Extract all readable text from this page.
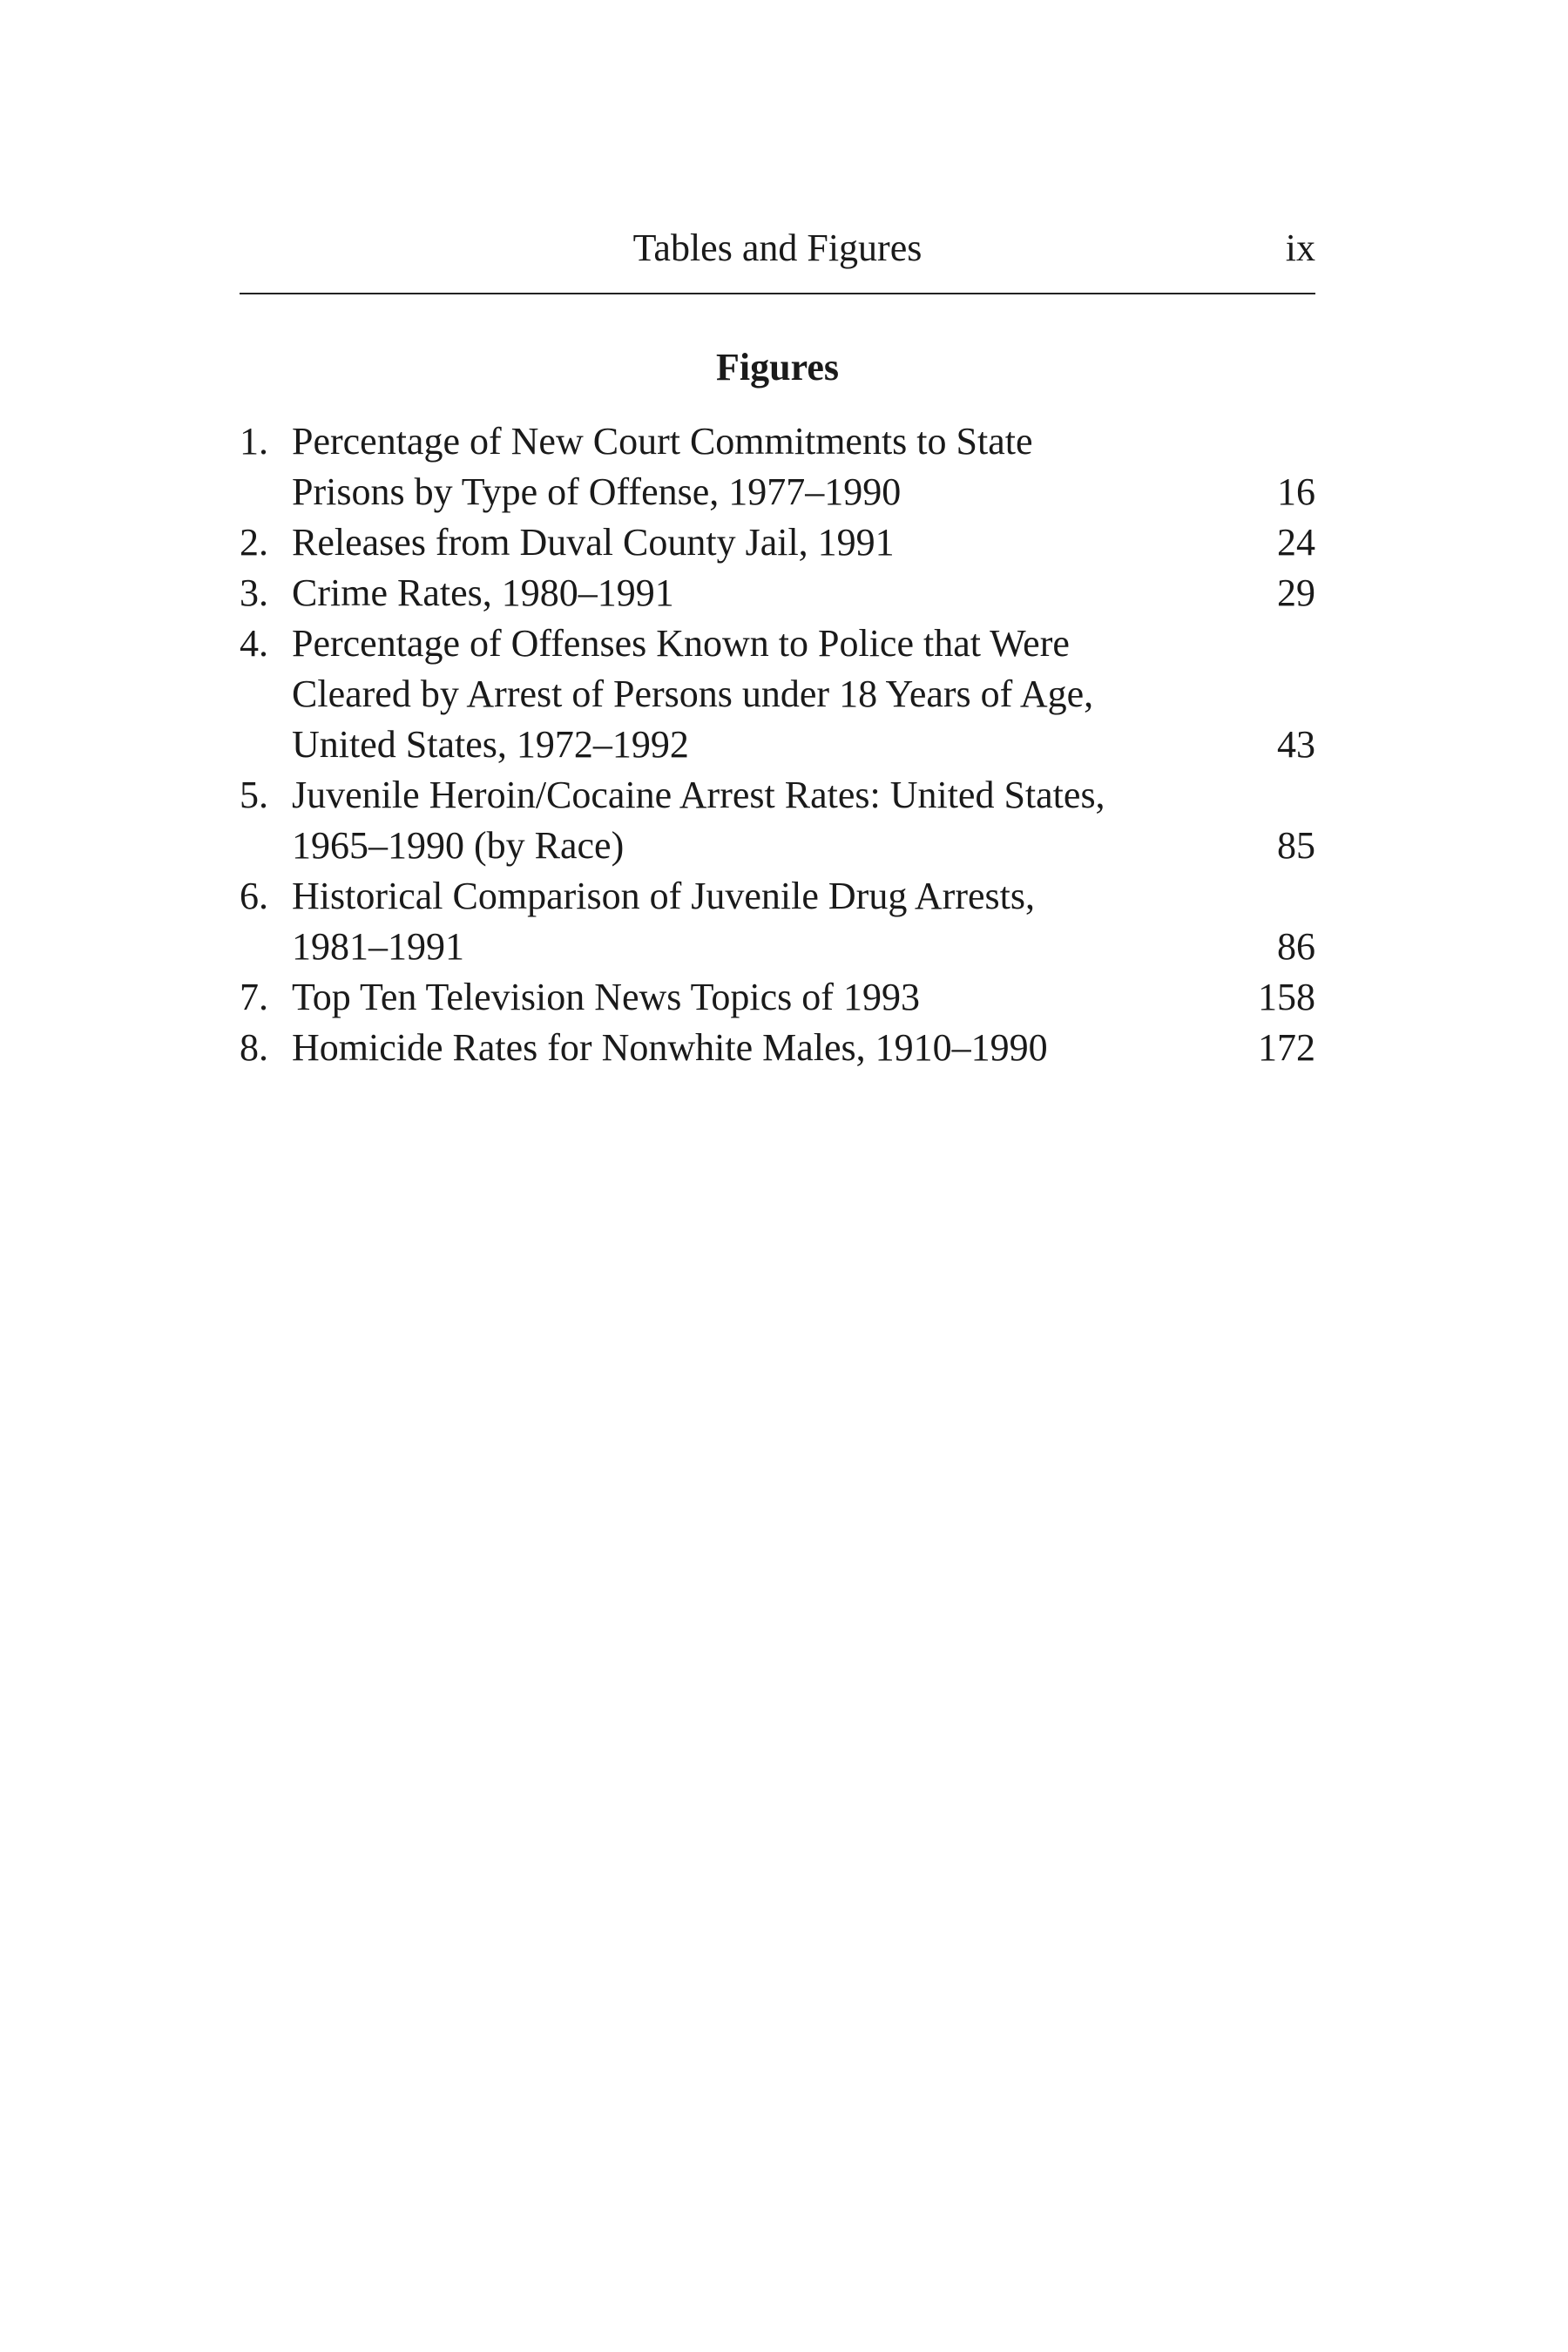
Tables and Figures	ix
Figures
1. Percentage of New Court Commitments to State
Prisons by Type of Offense, 1977–1990	16
2. Releases from Duval County Jail, 1991	24
3. Crime Rates, 1980–1991	29
4. Percentage of Offenses Known to Police that Were
Cleared by Arrest of Persons under 18 Years of Age,
United States, 1972–1992	43
5. Juvenile Heroin/Cocaine Arrest Rates: United States,
1965–1990 (by Race)	85
6. Historical Comparison of Juvenile Drug Arrests,
1981–1991	86
7. Top Ten Television News Topics of 1993	158
8. Homicide Rates for Nonwhite Males, 1910–1990	172
